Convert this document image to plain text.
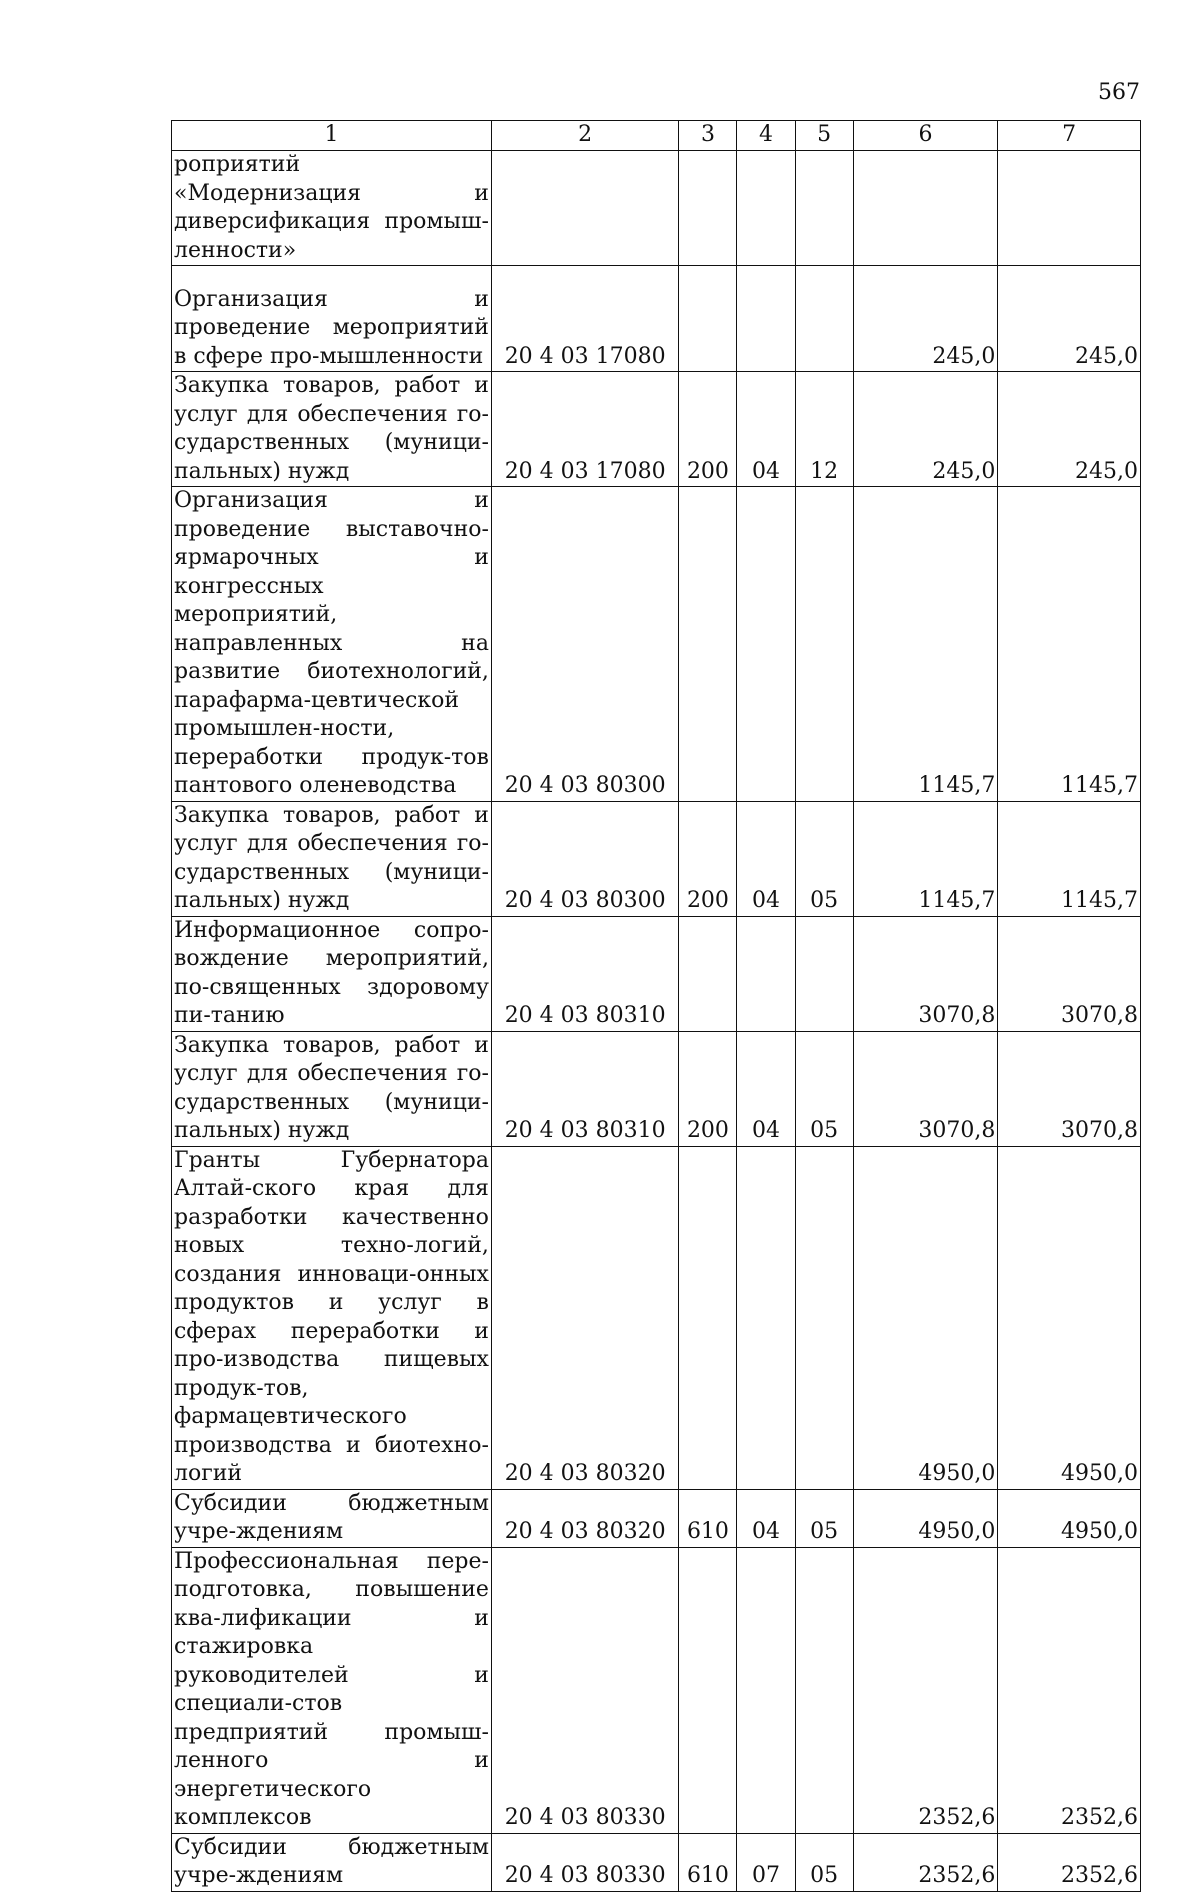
567
1	2	3	4	5	6	7
роприятий «Модернизация и диверсификация промыш-ленности»						
Организация и проведение мероприятий в сфере про-мышленности	20 4 03 17080				245,0	245,0
Закупка товаров, работ и услуг для обеспечения го-сударственных (муници-пальных) нужд	20 4 03 17080	200	04	12	245,0	245,0
Организация и проведение выставочно-ярмарочных и конгрессных мероприятий, направленных на развитие биотехнологий, парафарма-цевтической промышлен-ности, переработки продук-тов пантового оленеводства	20 4 03 80300				1145,7	1145,7
Закупка товаров, работ и услуг для обеспечения го-сударственных (муници-пальных) нужд	20 4 03 80300	200	04	05	1145,7	1145,7
Информационное сопро-вождение мероприятий, по-священных здоровому пи-танию	20 4 03 80310				3070,8	3070,8
Закупка товаров, работ и услуг для обеспечения го-сударственных (муници-пальных) нужд	20 4 03 80310	200	04	05	3070,8	3070,8
Гранты Губернатора Алтай-ского края для разработки качественно новых техно-логий, создания инноваци-онных продуктов и услуг в сферах переработки и про-изводства пищевых продук-тов, фармацевтического производства и биотехно-логий	20 4 03 80320				4950,0	4950,0
Субсидии бюджетным учре-ждениям	20 4 03 80320	610	04	05	4950,0	4950,0
Профессиональная пере-подготовка, повышение ква-лификации и стажировка руководителей и специали-стов предприятий промыш-ленного и энергетического комплексов	20 4 03 80330				2352,6	2352,6
Субсидии бюджетным учре-ждениям	20 4 03 80330	610	07	05	2352,6	2352,6
